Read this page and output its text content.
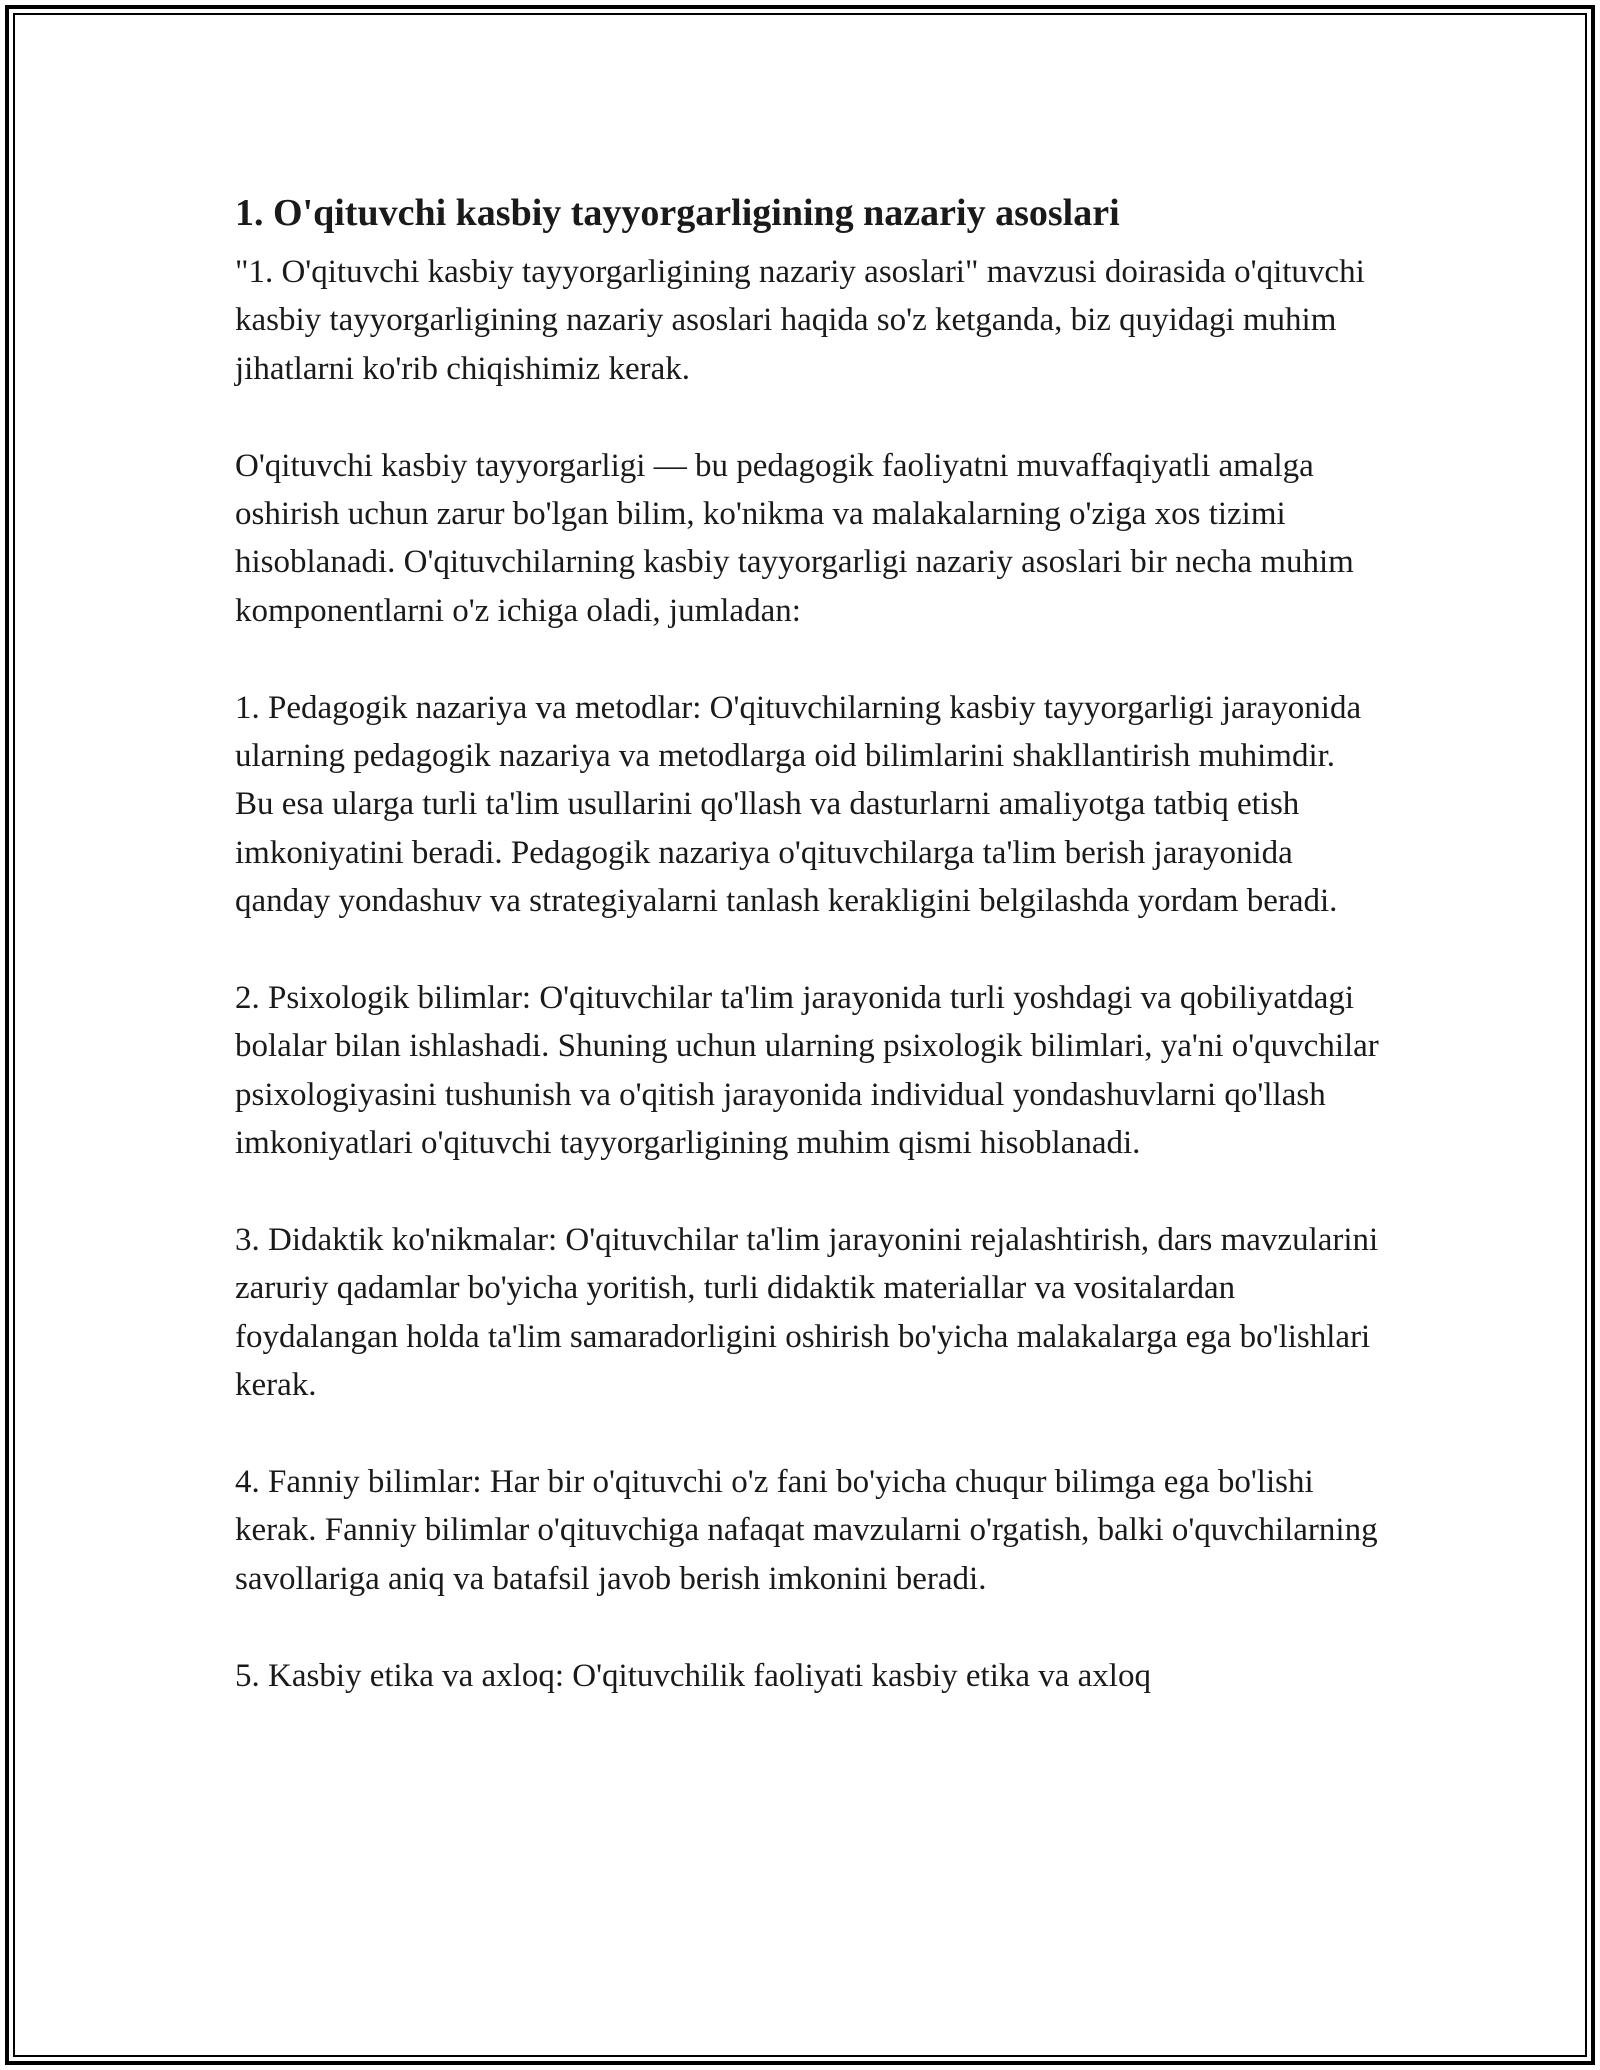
1. O'qituvchi kasbiy tayyorgarligining nazariy asoslari

"1. O'qituvchi kasbiy tayyorgarligining nazariy asoslari" mavzusi doirasida o'qituvchi kasbiy tayyorgarligining nazariy asoslari haqida so'z ketganda, biz quyidagi muhim jihatlarni ko'rib chiqishimiz kerak.

O'qituvchi kasbiy tayyorgarligi — bu pedagogik faoliyatni muvaffaqiyatli amalga oshirish uchun zarur bo'lgan bilim, ko'nikma va malakalarning o'ziga xos tizimi hisoblanadi. O'qituvchilarning kasbiy tayyorgarligi nazariy asoslari bir necha muhim komponentlarni o'z ichiga oladi, jumladan:

1. Pedagogik nazariya va metodlar: O'qituvchilarning kasbiy tayyorgarligi jarayonida ularning pedagogik nazariya va metodlarga oid bilimlarini shakllantirish muhimdir. Bu esa ularga turli ta'lim usullarini qo'llash va dasturlarni amaliyotga tatbiq etish imkoniyatini beradi. Pedagogik nazariya o'qituvchilarga ta'lim berish jarayonida qanday yondashuv va strategiyalarni tanlash kerakligini belgilashda yordam beradi.

2. Psixologik bilimlar: O'qituvchilar ta'lim jarayonida turli yoshdagi va qobiliyatdagi bolalar bilan ishlashadi. Shuning uchun ularning psixologik bilimlari, ya'ni o'quvchilar psixologiyasini tushunish va o'qitish jarayonida individual yondashuvlarni qo'llash imkoniyatlari o'qituvchi tayyorgarligining muhim qismi hisoblanadi.

3. Didaktik ko'nikmalar: O'qituvchilar ta'lim jarayonini rejalashtirish, dars mavzularini zaruriy qadamlar bo'yicha yoritish, turli didaktik materiallar va vositalardan foydalangan holda ta'lim samaradorligini oshirish bo'yicha malakalarga ega bo'lishlari kerak.

4. Fanniy bilimlar: Har bir o'qituvchi o'z fani bo'yicha chuqur bilimga ega bo'lishi kerak. Fanniy bilimlar o'qituvchiga nafaqat mavzularni o'rgatish, balki o'quvchilarning savollariga aniq va batafsil javob berish imkonini beradi.

5. Kasbiy etika va axloq: O'qituvchilik faoliyati kasbiy etika va axloq
